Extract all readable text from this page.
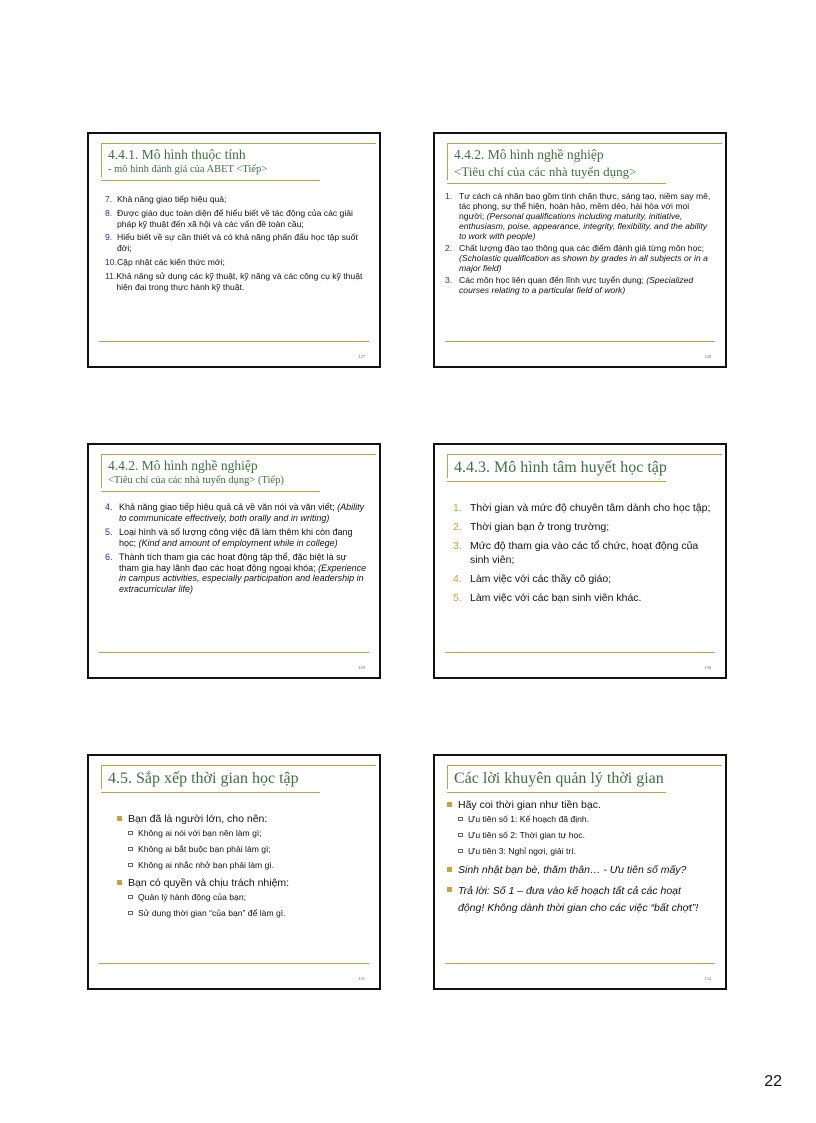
4.4.1. Mô hình thuộc tính
- mô hình đánh giá của ABET <Tiếp>
7. Khả năng giao tiếp hiệu quả;
8. Được giáo dục toàn diện để hiểu biết về tác động của các giải pháp kỹ thuật đến xã hội và các vấn đề toàn cầu;
9. Hiểu biết về sự cần thiết và có khả năng phấn đấu học tập suốt đời;
10. Cập nhật các kiến thức mới;
11. Khả năng sử dụng các kỹ thuật, kỹ năng và các công cụ kỹ thuật hiện đại trong thực hành kỹ thuật.
127
4.4.2. Mô hình nghề nghiệp
<Tiêu chí của các nhà tuyển dụng>
1. Tư cách cá nhân bao gồm tính chân thực, sáng tạo, niềm say mê, tác phong, sự thể hiện, hoàn hảo, mềm dẻo, hài hòa với mọi người; (Personal qualifications including maturity, initiative, enthusiasm, poise, appearance, integrity, flexibility, and the ability to work with people)
2. Chất lượng đào tạo thông qua các điểm đánh giá từng môn học; (Scholastic qualification as shown by grades in all subjects or in a major field)
3. Các môn học liên quan đến lĩnh vực tuyển dụng; (Specialized courses relating to a particular field of work)
128
4.4.2. Mô hình nghề nghiệp
<Tiêu chí của các nhà tuyển dụng> (Tiếp)
4. Khả năng giao tiếp hiệu quả cả về văn nói và văn viết; (Ability to communicate effectively, both orally and in writing)
5. Loại hình và số lượng công việc đã làm thêm khi còn đang học; (Kind and amount of employment while in college)
6. Thành tích tham gia các hoạt động tập thể, đặc biệt là sự tham gia hay lãnh đạo các hoạt động ngoại khóa; (Experience in campus activities, especially participation and leadership in extracurricular life)
129
4.4.3. Mô hình tâm huyết học tập
1. Thời gian và mức độ chuyên tâm dành cho học tập;
2. Thời gian bạn ở trong trường;
3. Mức độ tham gia vào các tổ chức, hoạt động của sinh viên;
4. Làm việc với các thầy cô giáo;
5. Làm việc với các bạn sinh viên khác.
130
4.5. Sắp xếp thời gian học tập
Bạn đã là người lớn, cho nên:
Không ai nói với bạn nên làm gì;
Không ai bắt buộc bạn phải làm gì;
Không ai nhắc nhở bạn phải làm gì.
Bạn có quyền và chịu trách nhiệm:
Quản lý hành động của bạn;
Sử dụng thời gian “của bạn” để làm gì.
131
Các lời khuyên quản lý thời gian
Hãy coi thời gian như tiền bạc.
Ưu tiên số 1: Kế hoạch đã định.
Ưu tiên số 2: Thời gian tự học.
Ưu tiên 3: Nghỉ ngơi, giải trí.
Sinh nhật bạn bè, thăm thân… - Ưu tiên số mấy?
Trả lời: Số 1 – đưa vào kế hoạch tất cả các hoạt động! Không dành thời gian cho các việc “bất chợt”!
132
22
